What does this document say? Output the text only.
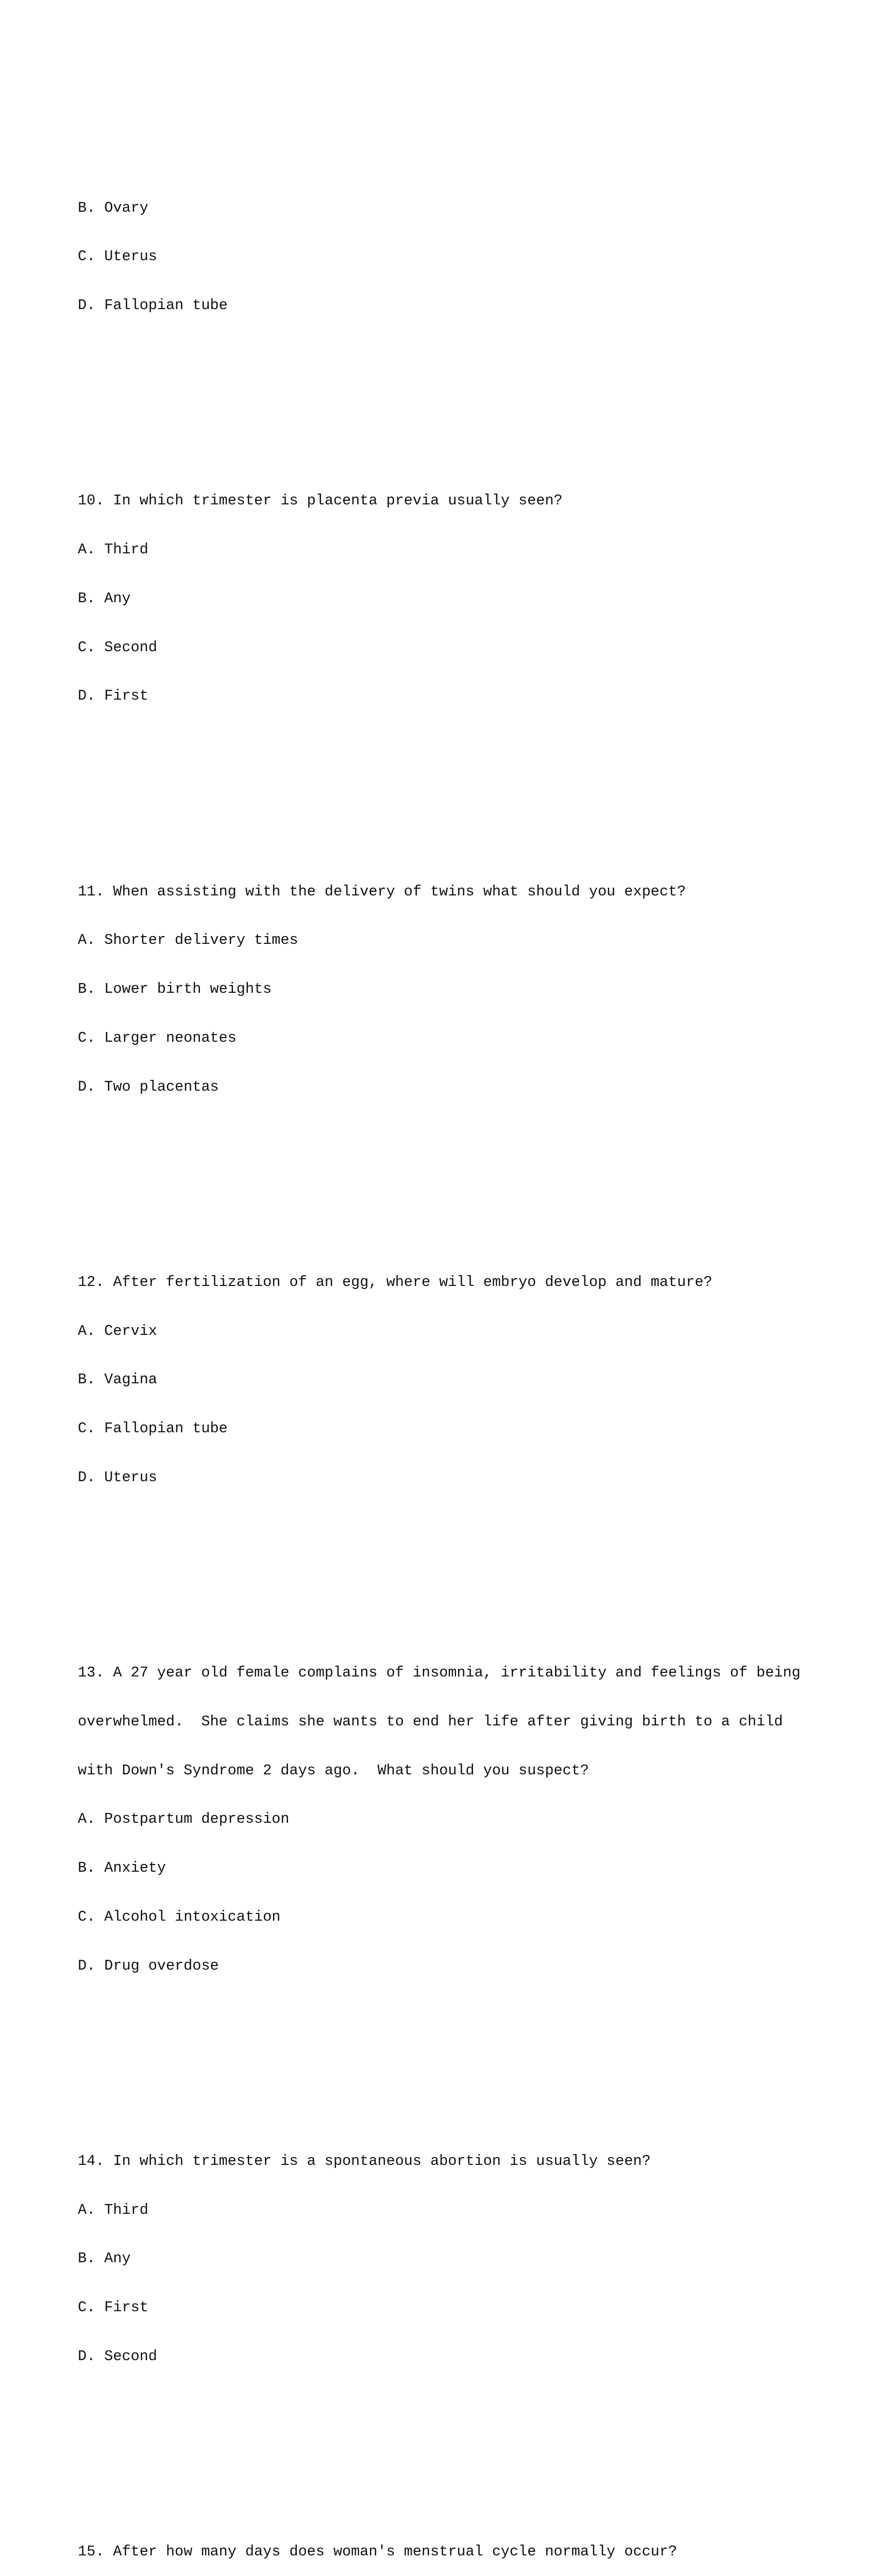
B. Ovary

C. Uterus

D. Fallopian tube

10. In which trimester is placenta previa usually seen?

A. Third

B. Any

C. Second

D. First

11. When assisting with the delivery of twins what should you expect?

A. Shorter delivery times

B. Lower birth weights

C. Larger neonates

D. Two placentas

12. After fertilization of an egg, where will embryo develop and mature?

A. Cervix

B. Vagina

C. Fallopian tube

D. Uterus

13. A 27 year old female complains of insomnia, irritability and feelings of being

overwhelmed.  She claims she wants to end her life after giving birth to a child

with Down's Syndrome 2 days ago.  What should you suspect?

A. Postpartum depression

B. Anxiety

C. Alcohol intoxication

D. Drug overdose

14. In which trimester is a spontaneous abortion is usually seen?

A. Third

B. Any

C. First

D. Second

15. After how many days does woman's menstrual cycle normally occur?
